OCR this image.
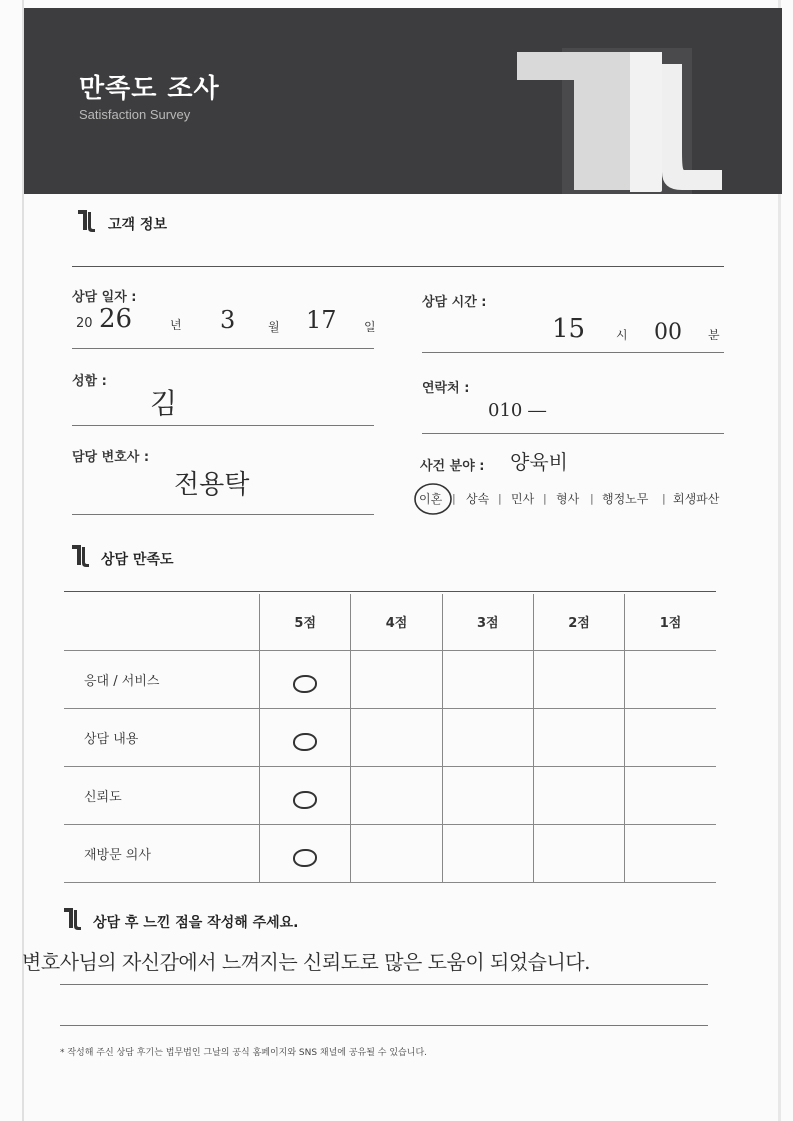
만족도 조사
Satisfaction Survey
고객 정보
상담 일자 :
20 26	년 3	월 17 일
상담 시간 :
15	시 00 분
성함 :
김	연락처 :
010 ―
담당 변호사 :
전용탁
사건 분야 : 양육비
이혼 | 상속 | 민사 | 형사 | 행정노무 | 회생파산
상담 만족도
	5점	4점	3점	2점	1점
응대 / 서비스					
상담 내용					
신뢰도					
재방문 의사					
상담 후 느낀 점을 작성해 주세요.
변호사님의 자신감에서 느껴지는 신뢰도로 많은 도움이 되었습니다.
* 작성해 주신 상담 후기는 법무법인 그날의 공식 홈페이지와 SNS 채널에 공유될 수 있습니다.
